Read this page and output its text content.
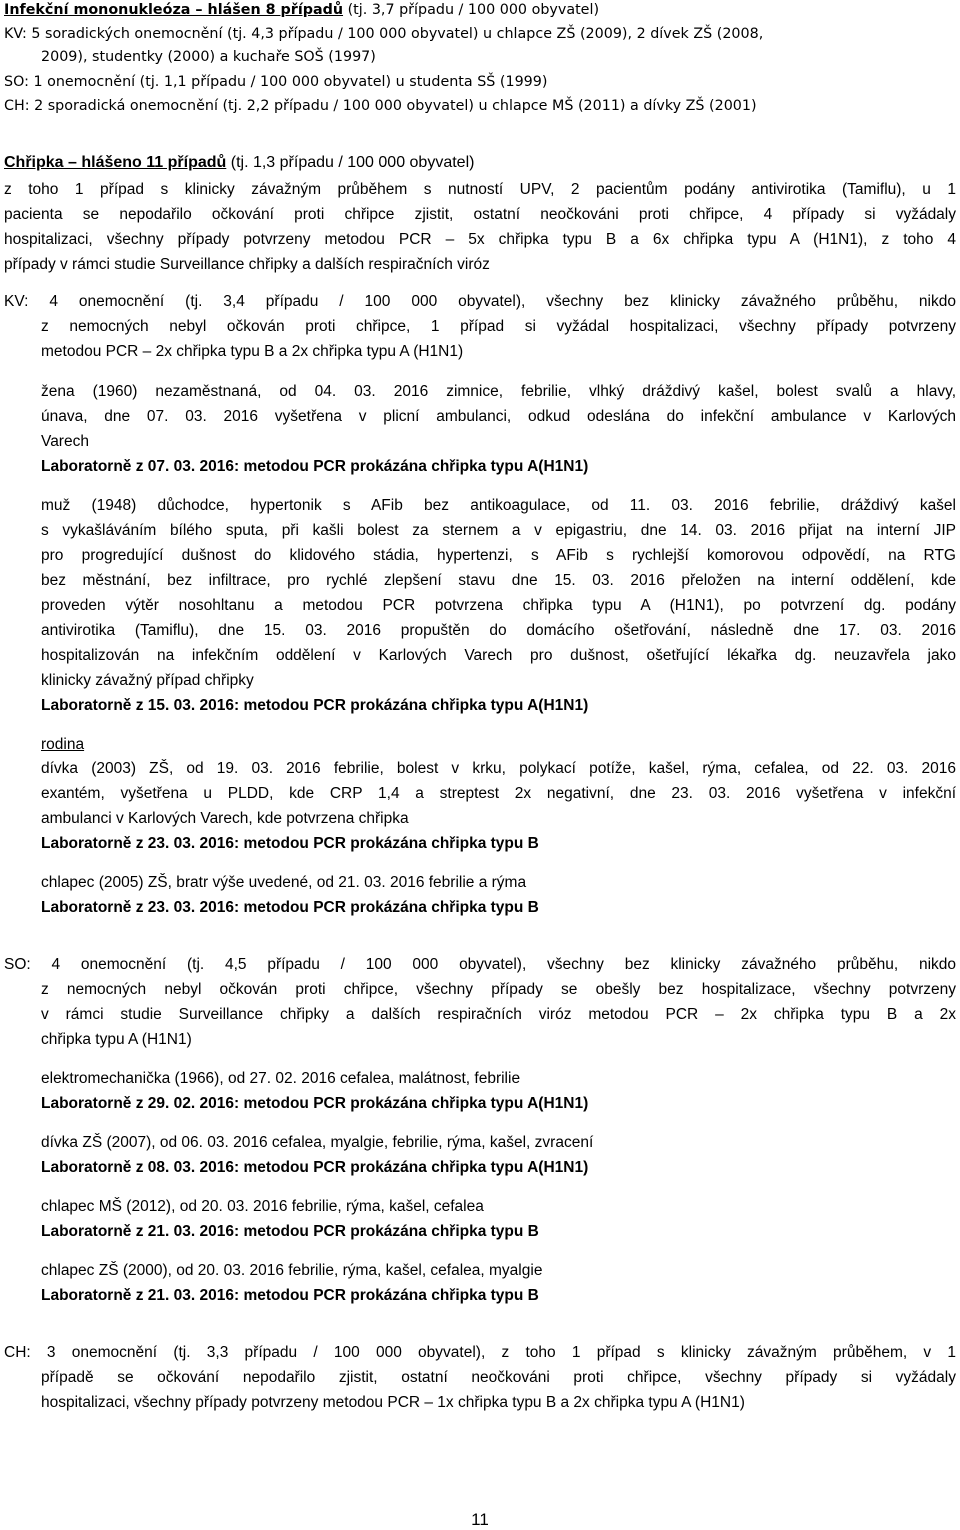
Infekční mononukleóza – hlášen 8 případů (tj. 3,7 případu / 100 000 obyvatel)
KV: 5 soradických onemocnění (tj. 4,3 případu / 100 000 obyvatel) u chlapce ZŠ (2009), 2 dívek ZŠ (2008,
2009), studentky (2000) a kuchaře SOŠ (1997)
SO: 1 onemocnění (tj. 1,1 případu / 100 000 obyvatel) u studenta SŠ (1999)
CH: 2 sporadická onemocnění (tj. 2,2 případu / 100 000 obyvatel) u chlapce MŠ (2011) a dívky ZŠ (2001)
Chřipka – hlášeno 11 případů (tj. 1,3 případu / 100 000 obyvatel)
z toho 1 případ s klinicky závažným průběhem s nutností UPV, 2 pacientům podány antivirotika (Tamiflu), u 1
pacienta se nepodařilo očkování proti chřipce zjistit, ostatní neočkováni proti chřipce, 4 případy si vyžádaly
hospitalizaci, všechny případy potvrzeny metodou PCR – 5x chřipka typu B a 6x chřipka typu A (H1N1), z toho 4
případy v rámci studie Surveillance chřipky a dalších respiračních viróz
KV: 4 onemocnění (tj. 3,4 případu / 100 000 obyvatel), všechny bez klinicky závažného průběhu, nikdo
z nemocných nebyl očkován proti chřipce, 1 případ si vyžádal hospitalizaci, všechny případy potvrzeny
metodou PCR – 2x chřipka typu B a 2x chřipka typu A (H1N1)
žena (1960) nezaměstnaná, od 04. 03. 2016 zimnice, febrilie, vlhký dráždivý kašel, bolest svalů a hlavy,
únava, dne 07. 03. 2016 vyšetřena v plicní ambulanci, odkud odeslána do infekční ambulance v Karlových
Varech
Laboratorně z 07. 03. 2016: metodou PCR prokázána chřipka typu A(H1N1)
muž (1948) důchodce, hypertonik s AFib bez antikoagulace, od 11. 03. 2016 febrilie, dráždivý kašel
s vykašláváním bílého sputa, při kašli bolest za sternem a v epigastriu, dne 14. 03. 2016 přijat na interní JIP
pro progredující dušnost do klidového stádia, hypertenzi, s AFib s rychlejší komorovou odpovědí, na RTG
bez městnání, bez infiltrace, pro rychlé zlepšení stavu dne 15. 03. 2016 přeložen na interní oddělení, kde
proveden výtěr nosohltanu a metodou PCR potvrzena chřipka typu A (H1N1), po potvrzení dg. podány
antivirotika (Tamiflu), dne 15. 03. 2016 propuštěn do domácího ošetřování, následně dne 17. 03. 2016
hospitalizován na infekčním oddělení v Karlových Varech pro dušnost, ošetřující lékařka dg. neuzavřela jako
klinicky závažný případ chřipky
Laboratorně z 15. 03. 2016: metodou PCR prokázána chřipka typu A(H1N1)
rodina
dívka (2003) ZŠ, od 19. 03. 2016 febrilie, bolest v krku, polykací potíže, kašel, rýma, cefalea, od 22. 03. 2016
exantém, vyšetřena u PLDD, kde CRP 1,4 a streptest 2x negativní, dne 23. 03. 2016 vyšetřena v infekční
ambulanci v Karlových Varech, kde potvrzena chřipka
Laboratorně z 23. 03. 2016: metodou PCR prokázána chřipka typu B
chlapec (2005) ZŠ, bratr výše uvedené, od 21. 03. 2016 febrilie a rýma
Laboratorně z 23. 03. 2016: metodou PCR prokázána chřipka typu B
SO: 4 onemocnění (tj. 4,5 případu / 100 000 obyvatel), všechny bez klinicky závažného průběhu, nikdo
z nemocných nebyl očkován proti chřipce, všechny případy se obešly bez hospitalizace, všechny potvrzeny
v rámci studie Surveillance chřipky a dalších respiračních viróz metodou PCR – 2x chřipka typu B a 2x
chřipka typu A (H1N1)
elektromechanička (1966), od 27. 02. 2016 cefalea, malátnost, febrilie
Laboratorně z 29. 02. 2016: metodou PCR prokázána chřipka typu A(H1N1)
dívka ZŠ (2007), od 06. 03. 2016 cefalea, myalgie, febrilie, rýma, kašel, zvracení
Laboratorně z 08. 03. 2016: metodou PCR prokázána chřipka typu A(H1N1)
chlapec MŠ (2012), od 20. 03. 2016 febrilie, rýma, kašel, cefalea
Laboratorně z 21. 03. 2016: metodou PCR prokázána chřipka typu B
chlapec ZŠ (2000), od 20. 03. 2016 febrilie, rýma, kašel, cefalea, myalgie
Laboratorně z 21. 03. 2016: metodou PCR prokázána chřipka typu B
CH: 3 onemocnění (tj. 3,3 případu / 100 000 obyvatel), z toho 1 případ s klinicky závažným průběhem, v 1
případě se očkování nepodařilo zjistit, ostatní neočkováni proti chřipce, všechny případy si vyžádaly
hospitalizaci, všechny případy potvrzeny metodou PCR – 1x chřipka typu B a 2x chřipka typu A (H1N1)
11
